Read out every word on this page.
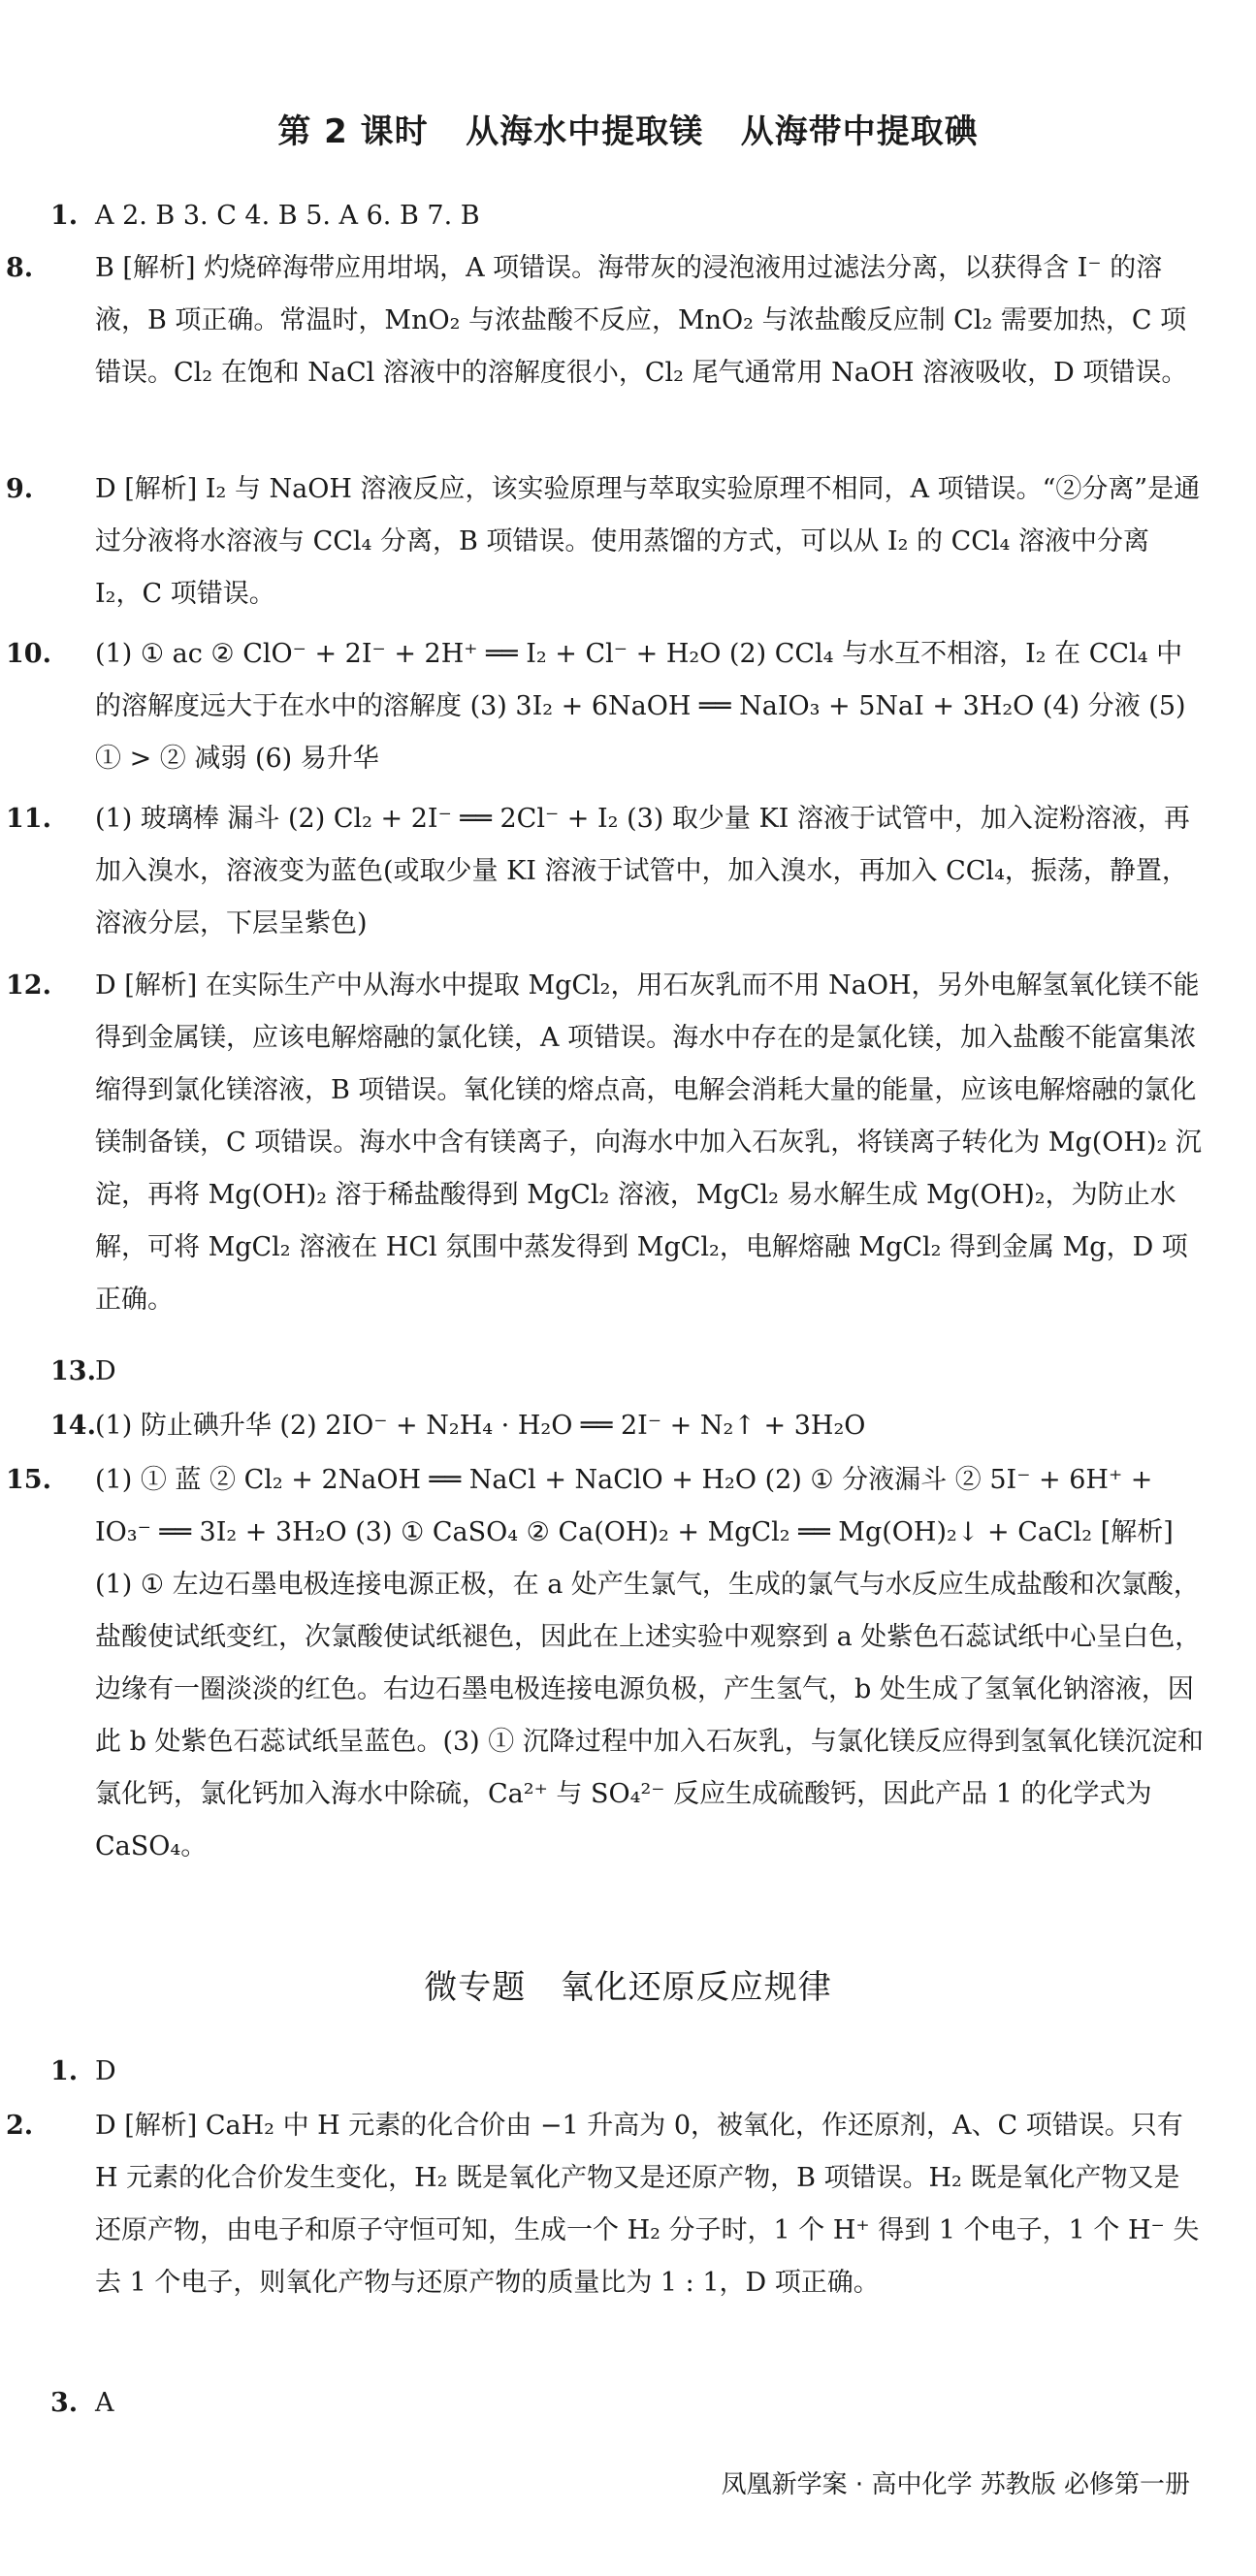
第 2 课时   从海水中提取镁   从海带中提取碘
1. A 2. B 3. C 4. B 5. A 6. B 7. B
8. B [解析] 灼烧碎海带应用坩埚，A 项错误。海带灰的浸泡液用过滤法分离，以获得含 I⁻ 的溶液，B 项正确。常温时，MnO₂ 与浓盐酸不反应，MnO₂ 与浓盐酸反应制 Cl₂ 需要加热，C 项错误。Cl₂ 在饱和 NaCl 溶液中的溶解度很小，Cl₂ 尾气通常用 NaOH 溶液吸收，D 项错误。
9. D [解析] I₂ 与 NaOH 溶液反应，该实验原理与萃取实验原理不相同，A 项错误。“②分离”是通过分液将水溶液与 CCl₄ 分离，B 项错误。使用蒸馏的方式，可以从 I₂ 的 CCl₄ 溶液中分离 I₂，C 项错误。
10. (1) ① ac ② ClO⁻ + 2I⁻ + 2H⁺ ══ I₂ + Cl⁻ + H₂O (2) CCl₄ 与水互不相溶，I₂ 在 CCl₄ 中的溶解度远大于在水中的溶解度 (3) 3I₂ + 6NaOH ══ NaIO₃ + 5NaI + 3H₂O (4) 分液 (5) ① > ② 减弱 (6) 易升华
11. (1) 玻璃棒 漏斗 (2) Cl₂ + 2I⁻ ══ 2Cl⁻ + I₂ (3) 取少量 KI 溶液于试管中，加入淀粉溶液，再加入溴水，溶液变为蓝色(或取少量 KI 溶液于试管中，加入溴水，再加入 CCl₄，振荡，静置，溶液分层，下层呈紫色)
12. D [解析] 在实际生产中从海水中提取 MgCl₂，用石灰乳而不用 NaOH，另外电解氢氧化镁不能得到金属镁，应该电解熔融的氯化镁，A 项错误。海水中存在的是氯化镁，加入盐酸不能富集浓缩得到氯化镁溶液，B 项错误。氧化镁的熔点高，电解会消耗大量的能量，应该电解熔融的氯化镁制备镁，C 项错误。海水中含有镁离子，向海水中加入石灰乳，将镁离子转化为 Mg(OH)₂ 沉淀，再将 Mg(OH)₂ 溶于稀盐酸得到 MgCl₂ 溶液，MgCl₂ 易水解生成 Mg(OH)₂，为防止水解，可将 MgCl₂ 溶液在 HCl 氛围中蒸发得到 MgCl₂，电解熔融 MgCl₂ 得到金属 Mg，D 项正确。
13.D
14.(1) 防止碘升华 (2) 2IO⁻ + N₂H₄ · H₂O ══ 2I⁻ + N₂↑ + 3H₂O
15. (1) ① 蓝 ② Cl₂ + 2NaOH ══ NaCl + NaClO + H₂O (2) ① 分液漏斗 ② 5I⁻ + 6H⁺ + IO₃⁻ ══ 3I₂ + 3H₂O (3) ① CaSO₄ ② Ca(OH)₂ + MgCl₂ ══ Mg(OH)₂↓ + CaCl₂ [解析] (1) ① 左边石墨电极连接电源正极，在 a 处产生氯气，生成的氯气与水反应生成盐酸和次氯酸，盐酸使试纸变红，次氯酸使试纸褪色，因此在上述实验中观察到 a 处紫色石蕊试纸中心呈白色，边缘有一圈淡淡的红色。右边石墨电极连接电源负极，产生氢气，b 处生成了氢氧化钠溶液，因此 b 处紫色石蕊试纸呈蓝色。(3) ① 沉降过程中加入石灰乳，与氯化镁反应得到氢氧化镁沉淀和氯化钙，氯化钙加入海水中除硫，Ca²⁺ 与 SO₄²⁻ 反应生成硫酸钙，因此产品 1 的化学式为 CaSO₄。
微专题   氧化还原反应规律
1. D
2. D [解析] CaH₂ 中 H 元素的化合价由 −1 升高为 0，被氧化，作还原剂，A、C 项错误。只有 H 元素的化合价发生变化，H₂ 既是氧化产物又是还原产物，B 项错误。H₂ 既是氧化产物又是还原产物，由电子和原子守恒可知，生成一个 H₂ 分子时，1 个 H⁺ 得到 1 个电子，1 个 H⁻ 失去 1 个电子，则氧化产物与还原产物的质量比为 1 : 1，D 项正确。
3. A
凤凰新学案 · 高中化学 苏教版 必修第一册
